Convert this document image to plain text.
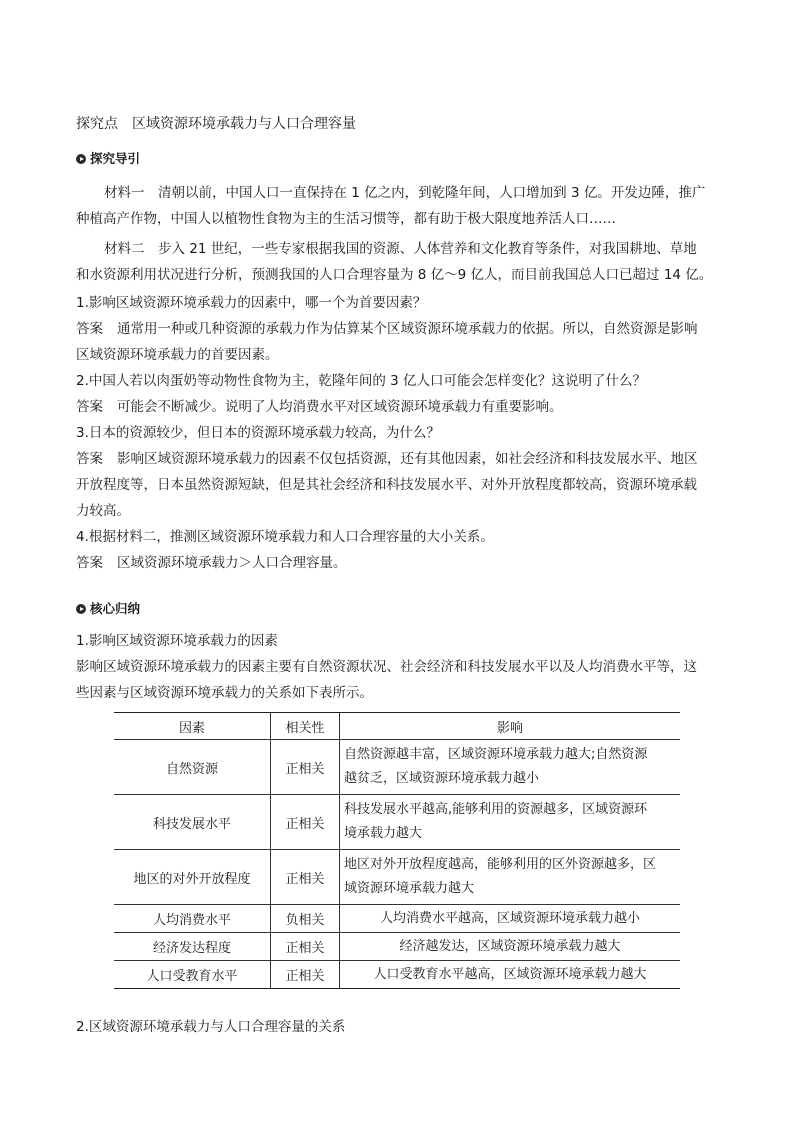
探究点　区域资源环境承载力与人口合理容量
探究导引
材料一　清朝以前，中国人口一直保持在 1 亿之内，到乾隆年间，人口增加到 3 亿。开发边陲，推广
种植高产作物，中国人以植物性食物为主的生活习惯等，都有助于极大限度地养活人口……
材料二　步入 21 世纪，一些专家根据我国的资源、人体营养和文化教育等条件，对我国耕地、草地
和水资源利用状况进行分析，预测我国的人口合理容量为 8 亿～9 亿人，而目前我国总人口已超过 14 亿。
1.影响区域资源环境承载力的因素中，哪一个为首要因素？
答案 通常用一种或几种资源的承载力作为估算某个区域资源环境承载力的依据。所以，自然资源是影响
区域资源环境承载力的首要因素。
2.中国人若以肉蛋奶等动物性食物为主，乾隆年间的 3 亿人口可能会怎样变化？这说明了什么？
答案 可能会不断减少。说明了人均消费水平对区域资源环境承载力有重要影响。
3.日本的资源较少，但日本的资源环境承载力较高，为什么？
答案 影响区域资源环境承载力的因素不仅包括资源，还有其他因素，如社会经济和科技发展水平、地区
开放程度等，日本虽然资源短缺，但是其社会经济和科技发展水平、对外开放程度都较高，资源环境承载
力较高。
4.根据材料二，推测区域资源环境承载力和人口合理容量的大小关系。
答案 区域资源环境承载力＞人口合理容量。
核心归纳
1.影响区域资源环境承载力的因素
影响区域资源环境承载力的因素主要有自然资源状况、社会经济和科技发展水平以及人均消费水平等，这
些因素与区域资源环境承载力的关系如下表所示。
因素	相关性	影响
自然资源	正相关	自然资源越丰富，区域资源环境承载力越大;自然资源
越贫乏，区域资源环境承载力越小

科技发展水平	正相关	科技发展水平越高,能够利用的资源越多，区域资源环
境承载力越大

地区的对外开放程度	正相关	地区对外开放程度越高，能够利用的区外资源越多，区
域资源环境承载力越大

人均消费水平	负相关	人均消费水平越高，区域资源环境承载力越小
经济发达程度	正相关	经济越发达，区域资源环境承载力越大
人口受教育水平	正相关	人口受教育水平越高，区域资源环境承载力越大
2.区域资源环境承载力与人口合理容量的关系
